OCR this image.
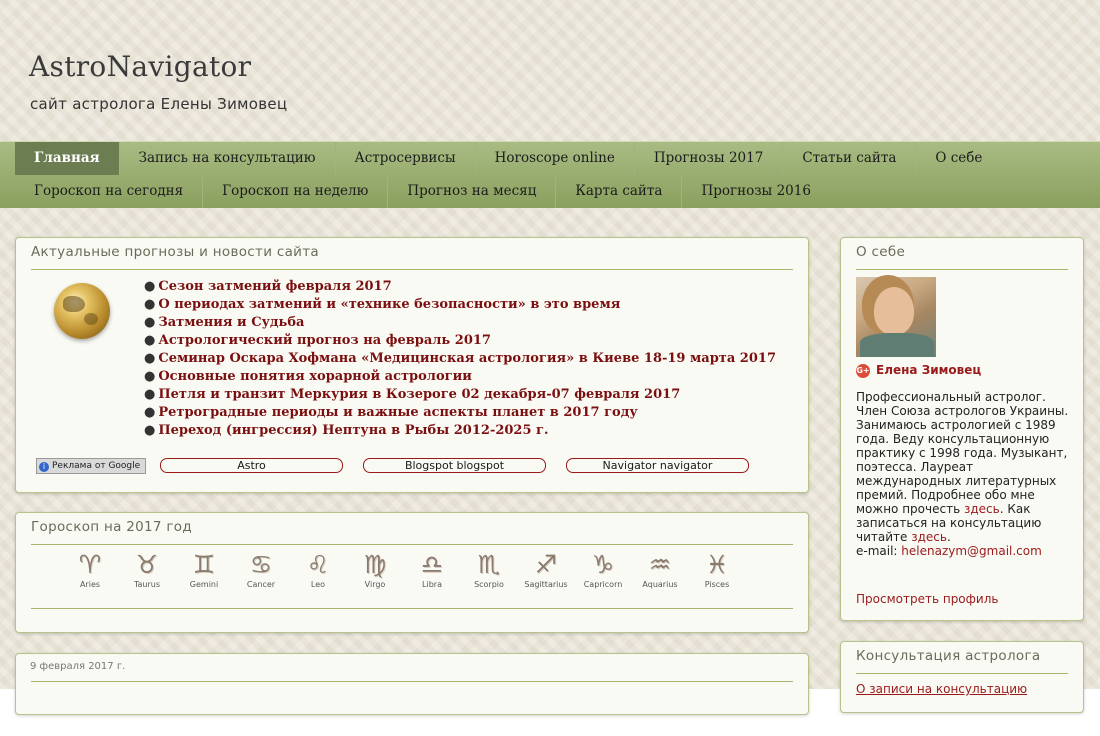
AstroNavigator
сайт астролога Елены Зимовец
Главная	Запись на консультацию	Астросервисы	Horoscope online	Прогнозы 2017	Статьи сайта	О себе
Гороскоп на сегодня	Гороскоп на неделю	Прогноз на месяц	Карта сайта	Прогнозы 2016
Актуальные прогнозы и новости сайта
● Сезон затмений февраля 2017
● О периодах затмений и «технике безопасности» в это время
● Затмения и Судьба
● Астрологический прогноз на февраль 2017
● Семинар Оскара Хофмана «Медицинская астрология» в Киеве 18-19 марта 2017
● Основные понятия хорарной астрологии
● Петля и транзит Меркурия в Козероге 02 декабря-07 февраля 2017
● Ретроградные периоды и важные аспекты планет в 2017 году
● Переход (ингрессия) Нептуна в Рыбы 2012-2025 г.
i Реклама от Google	Astro	Blogspot blogspot	Navigator navigator
Гороскоп на 2017 год
♈
Aries
♉
Taurus
♊
Gemini
♋
Cancer
♌
Leo
♍
Virgo
♎
Libra
♏
Scorpio
♐
Sagittarius
♑
Capricorn
♒
Aquarius
♓
Pisces
9 февраля 2017 г.
О себе
G+ Елена Зимовец
Профессиональный астролог. Член Союза астрологов Украины. Занимаюсь астрологией с 1989 года. Веду консультационную практику с 1998 года. Музыкант, поэтесса. Лауреат международных литературных премий. Подробнее обо мне можно прочесть здесь. Как записаться на консультацию читайте здесь.
e-mail: helenazym@gmail.com
Просмотреть профиль
Консультация астролога
О записи на консультацию
